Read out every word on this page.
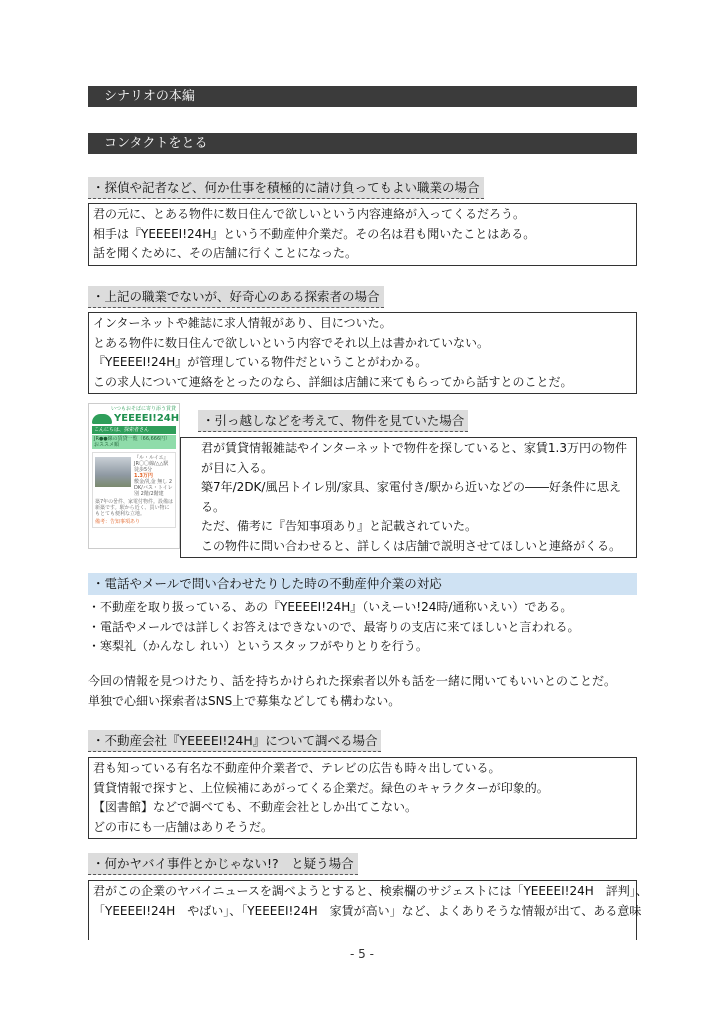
シナリオの本編
コンタクトをとる
・探偵や記者など、何か仕事を積極的に請け負ってもよい職業の場合
君の元に、とある物件に数日住んで欲しいという内容連絡が入ってくるだろう。
相手は『YEEEEI!24H』という不動産仲介業だ。その名は君も聞いたことはある。
話を聞くために、その店舗に行くことになった。
・上記の職業でないが、好奇心のある探索者の場合
インターネットや雑誌に求人情報があり、目についた。
とある物件に数日住んで欲しいという内容でそれ以上は書かれていない。
『YEEEEI!24H』が管理している物件だということがわかる。
この求人について連絡をとったのなら、詳細は店舗に来てもらってから話すとのことだ。
いつもおそばに寄り添う賃貸
YEEEEI!24H
こんにちは、探索者さん
JR●●線の賃貸一覧（66,666円）おススメ順
『ル・ルイエ』
JR〇〇線/△△駅 徒歩5分
1.3万円
敷金/礼金 無し 2DK/バス・トイレ別 2階/2階建
築7年の물件、家電付物件。設備は新築です。駅から近く、買い物にもとても便利な立地。
備考：告知事項あり
・引っ越しなどを考えて、物件を見ていた場合
君が賃貸情報雑誌やインターネットで物件を探していると、家賃1.3万円の物件
が目に入る。
築7年/2DK/風呂トイレ別/家具、家電付き/駅から近いなどの――好条件に思え
る。
ただ、備考に『告知事項あり』と記載されていた。
この物件に問い合わせると、詳しくは店舗で説明させてほしいと連絡がくる。
・電話やメールで問い合わせたりした時の不動産仲介業の対応
・不動産を取り扱っている、あの『YEEEEI!24H』（いえーい!24時/通称いえい）である。
・電話やメールでは詳しくお答えはできないので、最寄りの支店に来てほしいと言われる。
・寒梨礼（かんなし れい）というスタッフがやりとりを行う。
今回の情報を見つけたり、話を持ちかけられた探索者以外も話を一緒に聞いてもいいとのことだ。
単独で心細い探索者はSNS上で募集などしても構わない。
・不動産会社『YEEEEI!24H』について調べる場合
君も知っている有名な不動産仲介業者で、テレビの広告も時々出している。
賃貸情報で探すと、上位候補にあがってくる企業だ。緑色のキャラクターが印象的。
【図書館】などで調べても、不動産会社としか出てこない。
どの市にも一店舗はありそうだ。
・何かヤバイ事件とかじゃない!?　と疑う場合
君がこの企業のヤバイニュースを調べようとすると、検索欄のサジェストには「YEEEEI!24H　評判」、
「YEEEEI!24H　やばい」、「YEEEEI!24H　家賃が高い」など、よくありそうな情報が出て、ある意味
- 5 -
